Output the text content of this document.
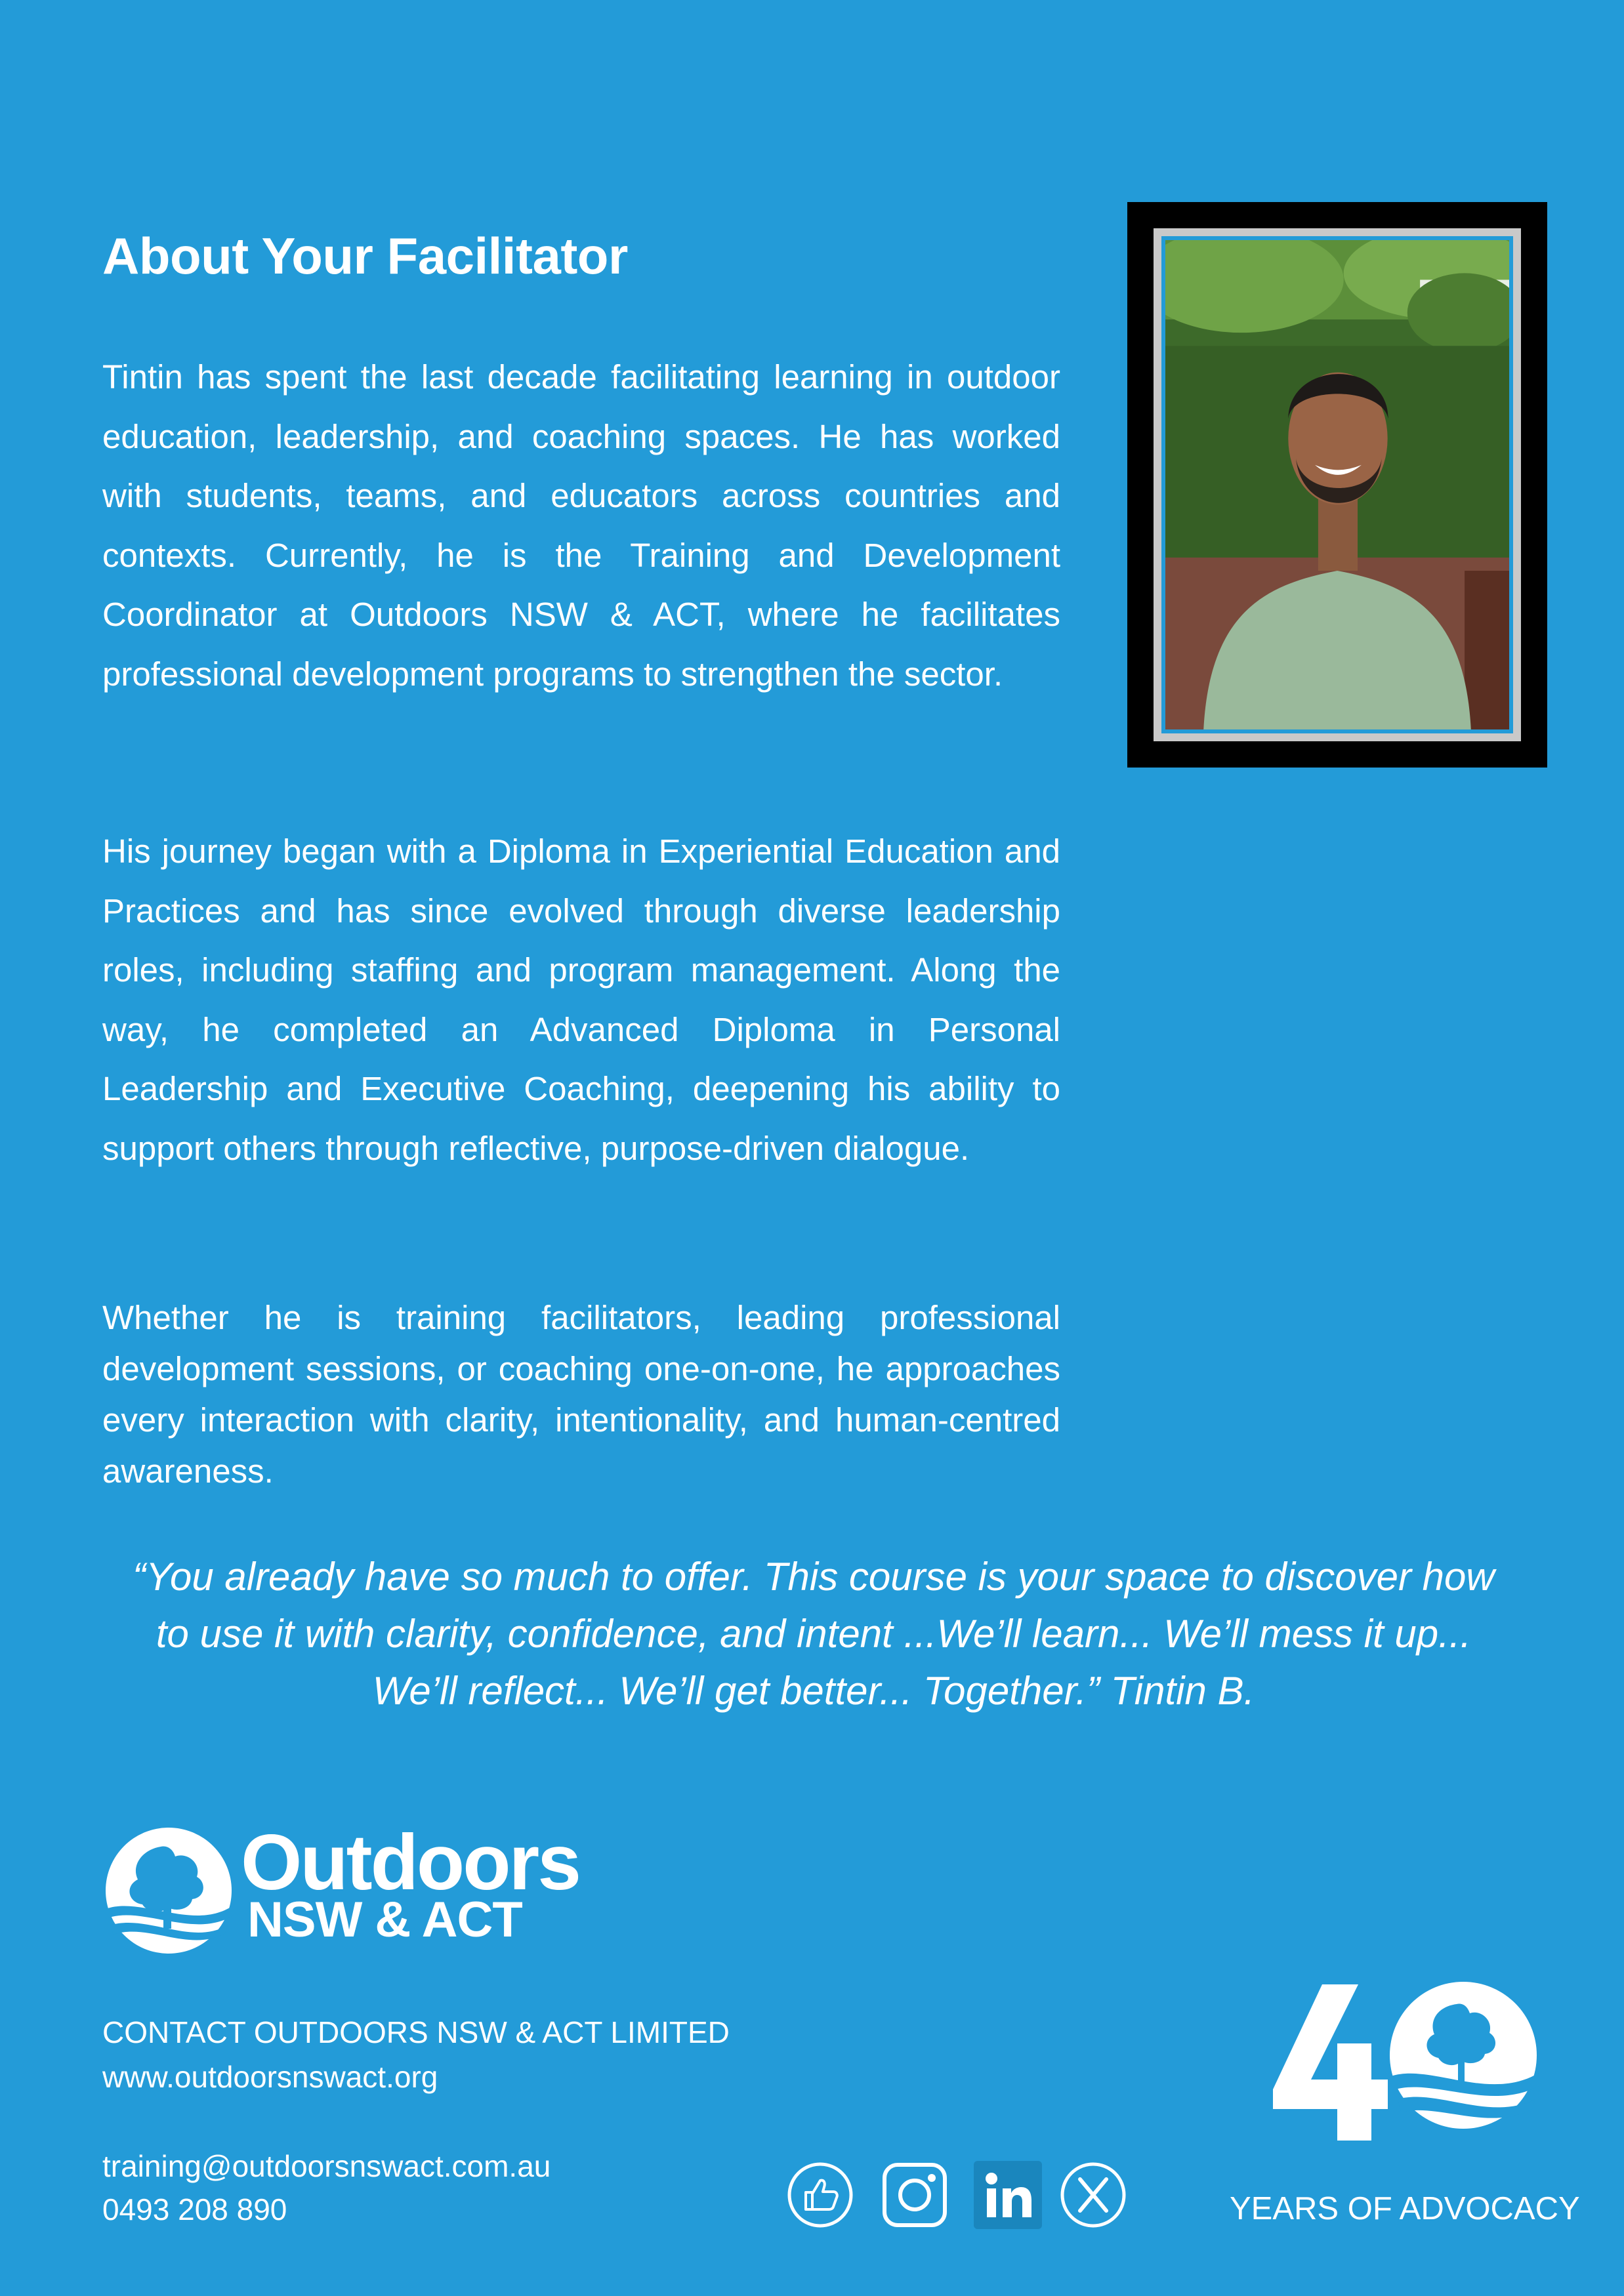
About Your Facilitator

Tintin has spent the last decade facilitating learning in outdoor education, leadership, and coaching spaces. He has worked with students, teams, and educators across countries and contexts. Currently, he is the Training and Development Coordinator at Outdoors NSW & ACT, where he facilitates professional development programs to strengthen the sector.

His journey began with a Diploma in Experiential Education and Practices and has since evolved through diverse leadership roles, including staffing and program management. Along the way, he completed an Advanced Diploma in Personal Leadership and Executive Coaching, deepening his ability to support others through reflective, purpose-driven dialogue.

Whether he is training facilitators, leading professional development sessions, or coaching one-on-one, he approaches every interaction with clarity, intentionality, and human-centred awareness.

“You already have so much to offer. This course is your space to discover how to use it with clarity, confidence, and intent ...We’ll learn... We’ll mess it up... We’ll reflect... We’ll get better... Together.” Tintin B.

Outdoors
NSW & ACT
CONTACT OUTDOORS NSW & ACT LIMITED
www.outdoorsnswact.org
training@outdoorsnswact.com.au
0493 208 890	YEARS OF ADVOCACY
